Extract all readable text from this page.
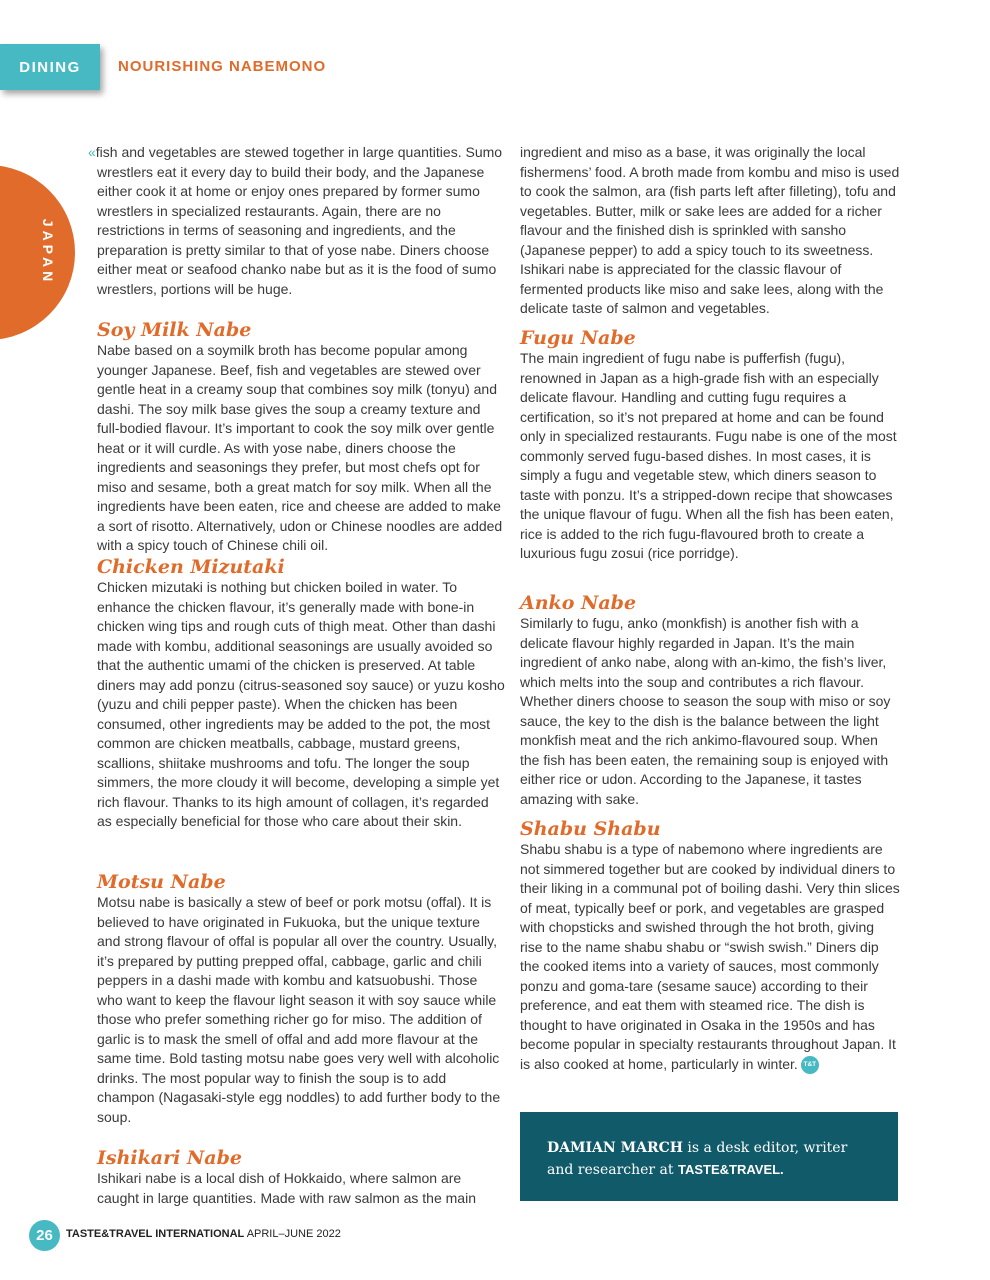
DINING NOURISHING NABEMONO
JAPAN

«fish and vegetables are stewed together in large quantities. Sumo wrestlers eat it every day to build their body, and the Japanese either cook it at home or enjoy ones prepared by former sumo wrestlers in specialized restaurants. Again, there are no restrictions in terms of seasoning and ingredients, and the preparation is pretty similar to that of yose nabe. Diners choose either meat or seafood chanko nabe but as it is the food of sumo wrestlers, portions will be huge.

Soy Milk Nabe

Nabe based on a soymilk broth has become popular among younger Japanese. Beef, fish and vegetables are stewed over gentle heat in a creamy soup that combines soy milk (tonyu) and dashi. The soy milk base gives the soup a creamy texture and full-bodied flavour. It’s important to cook the soy milk over gentle heat or it will curdle. As with yose nabe, diners choose the ingredients and seasonings they prefer, but most chefs opt for miso and sesame, both a great match for soy milk. When all the ingredients have been eaten, rice and cheese are added to make a sort of risotto. Alternatively, udon or Chinese noodles are added with a spicy touch of Chinese chili oil.

Chicken Mizutaki

Chicken mizutaki is nothing but chicken boiled in water. To enhance the chicken flavour, it’s generally made with bone-in chicken wing tips and rough cuts of thigh meat. Other than dashi made with kombu, additional seasonings are usually avoided so that the authentic umami of the chicken is preserved. At table diners may add ponzu (citrus-seasoned soy sauce) or yuzu kosho (yuzu and chili pepper paste). When the chicken has been consumed, other ingredients may be added to the pot, the most common are chicken meatballs, cabbage, mustard greens, scallions, shiitake mushrooms and tofu. The longer the soup simmers, the more cloudy it will become, developing a simple yet rich flavour. Thanks to its high amount of collagen, it’s regarded as especially beneficial for those who care about their skin.

Motsu Nabe

Motsu nabe is basically a stew of beef or pork motsu (offal). It is believed to have originated in Fukuoka, but the unique texture and strong flavour of offal is popular all over the country. Usually, it’s prepared by putting prepped offal, cabbage, garlic and chili peppers in a dashi made with kombu and katsuobushi. Those who want to keep the flavour light season it with soy sauce while those who prefer something richer go for miso. The addition of garlic is to mask the smell of offal and add more flavour at the same time. Bold tasting motsu nabe goes very well with alcoholic drinks. The most popular way to finish the soup is to add champon (Nagasaki-style egg noddles) to add further body to the soup.

Ishikari Nabe

Ishikari nabe is a local dish of Hokkaido, where salmon are caught in large quantities. Made with raw salmon as the main

ingredient and miso as a base, it was originally the local fishermens’ food. A broth made from kombu and miso is used to cook the salmon, ara (fish parts left after filleting), tofu and vegetables. Butter, milk or sake lees are added for a richer flavour and the finished dish is sprinkled with sansho (Japanese pepper) to add a spicy touch to its sweetness. Ishikari nabe is appreciated for the classic flavour of fermented products like miso and sake lees, along with the delicate taste of salmon and vegetables.

Fugu Nabe

The main ingredient of fugu nabe is pufferfish (fugu), renowned in Japan as a high-grade fish with an especially delicate flavour. Handling and cutting fugu requires a certification, so it’s not prepared at home and can be found only in specialized restaurants. Fugu nabe is one of the most commonly served fugu-based dishes. In most cases, it is simply a fugu and vegetable stew, which diners season to taste with ponzu. It’s a stripped-down recipe that showcases the unique flavour of fugu. When all the fish has been eaten, rice is added to the rich fugu-flavoured broth to create a luxurious fugu zosui (rice porridge).

Anko Nabe

Similarly to fugu, anko (monkfish) is another fish with a delicate flavour highly regarded in Japan. It’s the main ingredient of anko nabe, along with an-kimo, the fish’s liver, which melts into the soup and contributes a rich flavour. Whether diners choose to season the soup with miso or soy sauce, the key to the dish is the balance between the light monkfish meat and the rich ankimo-flavoured soup. When the fish has been eaten, the remaining soup is enjoyed with either rice or udon. According to the Japanese, it tastes amazing with sake.

Shabu Shabu

Shabu shabu is a type of nabemono where ingredients are not simmered together but are cooked by individual diners to their liking in a communal pot of boiling dashi. Very thin slices of meat, typically beef or pork, and vegetables are grasped with chopsticks and swished through the hot broth, giving rise to the name shabu shabu or “swish swish.” Diners dip the cooked items into a variety of sauces, most commonly ponzu and goma-tare (sesame sauce) according to their preference, and eat them with steamed rice. The dish is thought to have originated in Osaka in the 1950s and has become popular in specialty restaurants throughout Japan. It is also cooked at home, particularly in winter. T&T

DAMIAN MARCH is a desk editor, writer and researcher at TASTE&TRAVEL.
26	TASTE&TRAVEL INTERNATIONAL APRIL–JUNE 2022
